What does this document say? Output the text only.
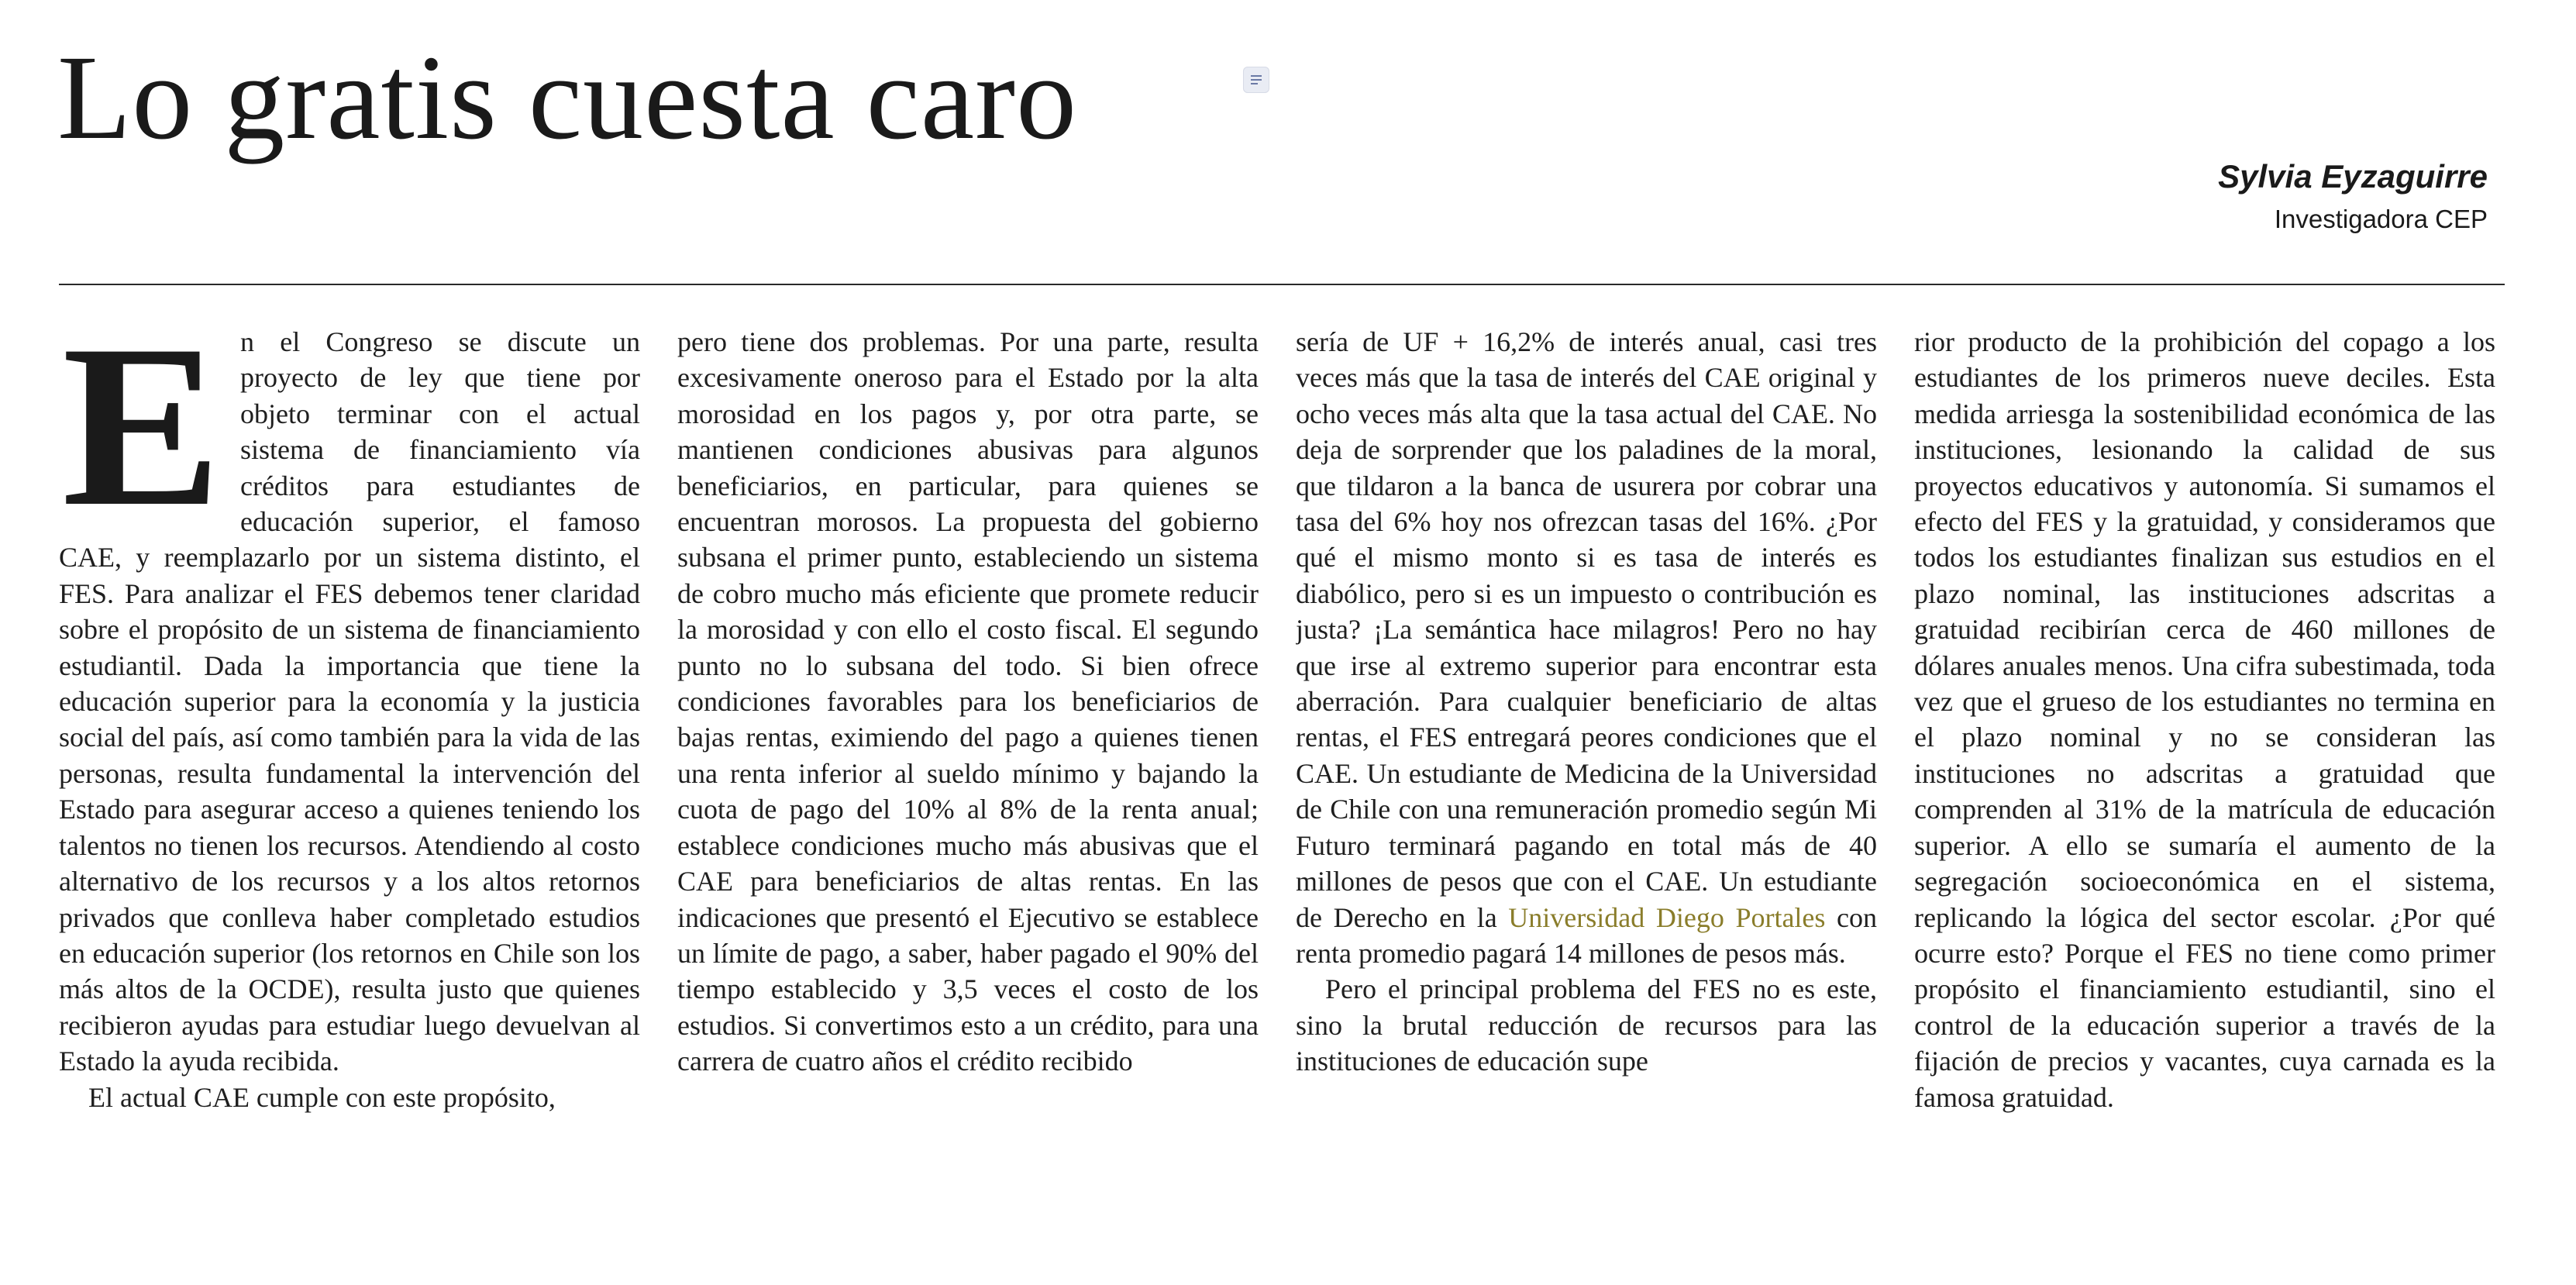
Lo gratis cuesta caro
Sylvia Eyzaguirre
Investigadora CEP
E n el Congreso se discute un proyecto de ley que tiene por objeto terminar con el actual sistema de financiamiento vía créditos para estudiantes de educación superior, el famoso CAE, y reemplazarlo por un sistema distinto, el FES. Para analizar el FES debemos tener claridad sobre el propósito de un sistema de financiamiento estudiantil. Dada la importancia que tiene la educación superior para la economía y la justicia social del país, así como también para la vida de las personas, resulta fundamental la intervención del Estado para asegurar acceso a quienes teniendo los talentos no tienen los recursos. Atendiendo al costo alternativo de los recursos y a los altos retornos privados que conlleva haber completado estudios en educación superior (los retornos en Chile son los más altos de la OCDE), resulta justo que quienes recibieron ayudas para estudiar luego devuelvan al Estado la ayuda recibida.

El actual CAE cumple con este propósito,

pero tiene dos problemas. Por una parte, resulta excesivamente oneroso para el Estado por la alta morosidad en los pagos y, por otra parte, se mantienen condiciones abusivas para algunos beneficiarios, en particular, para quienes se encuentran morosos. La propuesta del gobierno subsana el primer punto, estableciendo un sistema de cobro mucho más eficiente que promete reducir la morosidad y con ello el costo fiscal. El segundo punto no lo subsana del todo. Si bien ofrece condiciones favorables para los beneficiarios de bajas rentas, eximiendo del pago a quienes tienen una renta inferior al sueldo mínimo y bajando la cuota de pago del 10% al 8% de la renta anual; establece condiciones mucho más abusivas que el CAE para beneficiarios de altas rentas. En las indicaciones que presentó el Ejecutivo se establece un límite de pago, a saber, haber pagado el 90% del tiempo establecido y 3,5 veces el costo de los estudios. Si convertimos esto a un crédito, para una carrera de cuatro años el crédito recibido

sería de UF + 16,2% de interés anual, casi tres veces más que la tasa de interés del CAE original y ocho veces más alta que la tasa actual del CAE. No deja de sorprender que los paladines de la moral, que tildaron a la banca de usurera por cobrar una tasa del 6% hoy nos ofrezcan tasas del 16%. ¿Por qué el mismo monto si es tasa de interés es diabólico, pero si es un impuesto o contribución es justa? ¡La semántica hace milagros! Pero no hay que irse al extremo superior para encontrar esta aberración. Para cualquier beneficiario de altas rentas, el FES entregará peores condiciones que el CAE. Un estudiante de Medicina de la Universidad de Chile con una remuneración promedio según Mi Futuro terminará pagando en total más de 40 millones de pesos que con el CAE. Un estudiante de Derecho en la Universidad Diego Portales con renta promedio pagará 14 millones de pesos más.

Pero el principal problema del FES no es este, sino la brutal reducción de recursos para las instituciones de educación supe

rior producto de la prohibición del copago a los estudiantes de los primeros nueve deciles. Esta medida arriesga la sostenibilidad económica de las instituciones, lesionando la calidad de sus proyectos educativos y autonomía. Si sumamos el efecto del FES y la gratuidad, y consideramos que todos los estudiantes finalizan sus estudios en el plazo nominal, las instituciones adscritas a gratuidad recibirían cerca de 460 millones de dólares anuales menos. Una cifra subestimada, toda vez que el grueso de los estudiantes no termina en el plazo nominal y no se consideran las instituciones no adscritas a gratuidad que comprenden al 31% de la matrícula de educación superior. A ello se sumaría el aumento de la segregación socioeconómica en el sistema, replicando la lógica del sector escolar. ¿Por qué ocurre esto? Porque el FES no tiene como primer propósito el financiamiento estudiantil, sino el control de la educación superior a través de la fijación de precios y vacantes, cuya carnada es la famosa gratuidad.
